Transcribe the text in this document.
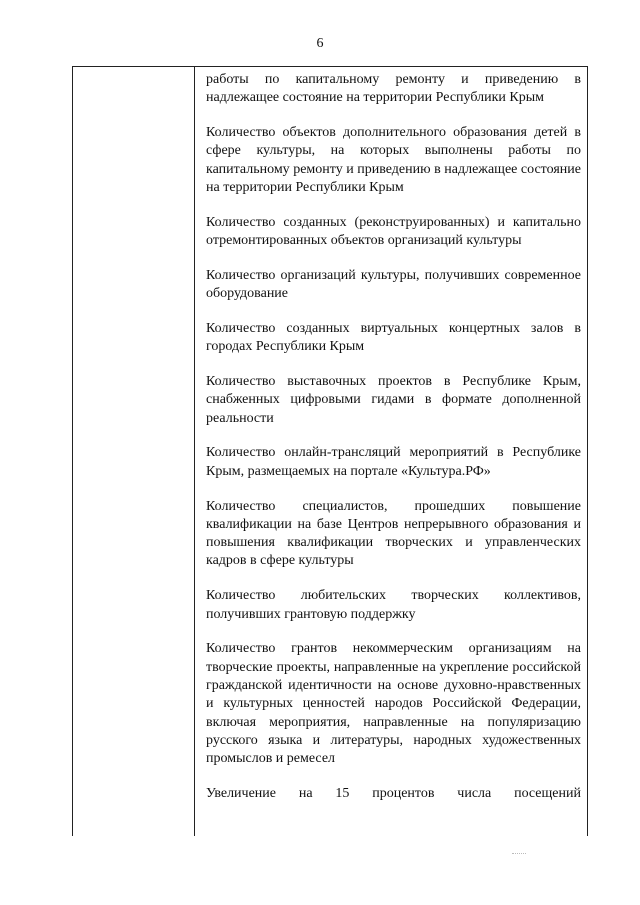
6

работы по капитальному ремонту и приведению в надлежащее состояние на территории Республики Крым

Количество объектов дополнительного образования детей в сфере культуры, на которых выполнены работы по капитальному ремонту и приведению в надлежащее состояние на территории Республики Крым

Количество созданных (реконструированных) и капитально отремонтированных объектов организаций культуры

Количество организаций культуры, получивших современное оборудование

Количество созданных виртуальных концертных залов в городах Республики Крым

Количество выставочных проектов в Республике Крым, снабженных цифровыми гидами в формате дополненной реальности

Количество онлайн-трансляций мероприятий в Республике Крым, размещаемых на портале «Культура.РФ»

Количество специалистов, прошедших повышение квалификации на базе Центров непрерывного образования и повышения квалификации творческих и управленческих кадров в сфере культуры

Количество любительских творческих коллективов, получивших грантовую поддержку

Количество грантов некоммерческим организациям на творческие проекты, направленные на укрепление российской гражданской идентичности на основе духовно-нравственных и культурных ценностей народов Российской Федерации, включая мероприятия, направленные на популяризацию русского языка и литературы, народных художественных промыслов и ремесел

Увеличение на 15 процентов числа посещений
